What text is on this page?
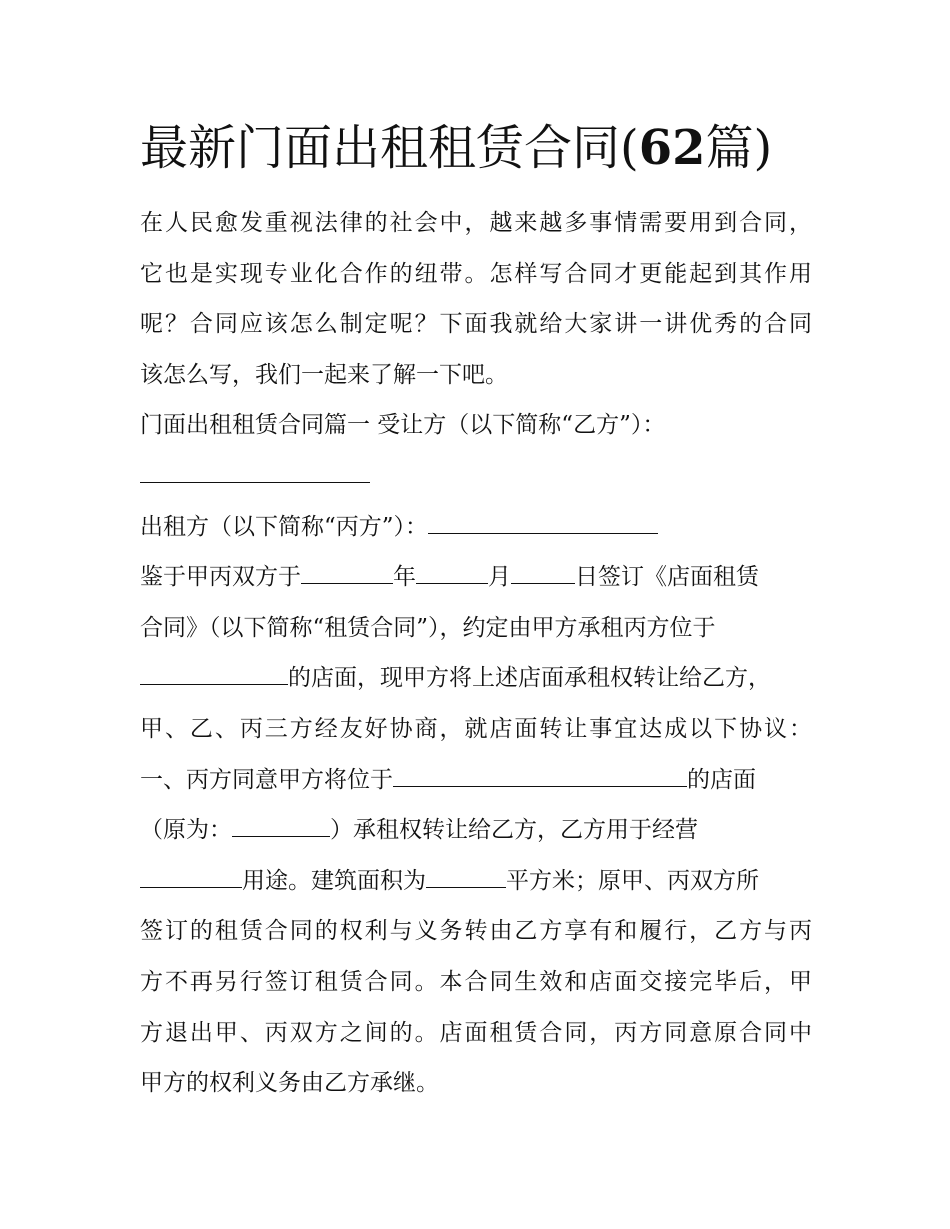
最新门面出租租赁合同(62篇)
在人民愈发重视法律的社会中，越来越多事情需要用到合同，
它也是实现专业化合作的纽带。怎样写合同才更能起到其作用
呢？合同应该怎么制定呢？下面我就给大家讲一讲优秀的合同
该怎么写，我们一起来了解一下吧。
门面出租租赁合同篇一 受让方（以下简称“乙方”）：
出租方（以下简称“丙方”）：
鉴于甲丙双方于	年	月	日签订《店面租赁
合同》（以下简称“租赁合同”），约定由甲方承租丙方位于
的店面，现甲方将上述店面承租权转让给乙方，
甲、乙、丙三方经友好协商，就店面转让事宜达成以下协议：
一、丙方同意甲方将位于	的店面
（原为：	）承租权转让给乙方，乙方用于经营
用途。建筑面积为	平方米；原甲、丙双方所
签订的租赁合同的权利与义务转由乙方享有和履行，乙方与丙
方不再另行签订租赁合同。本合同生效和店面交接完毕后，甲
方退出甲、丙双方之间的。店面租赁合同，丙方同意原合同中
甲方的权利义务由乙方承继。
